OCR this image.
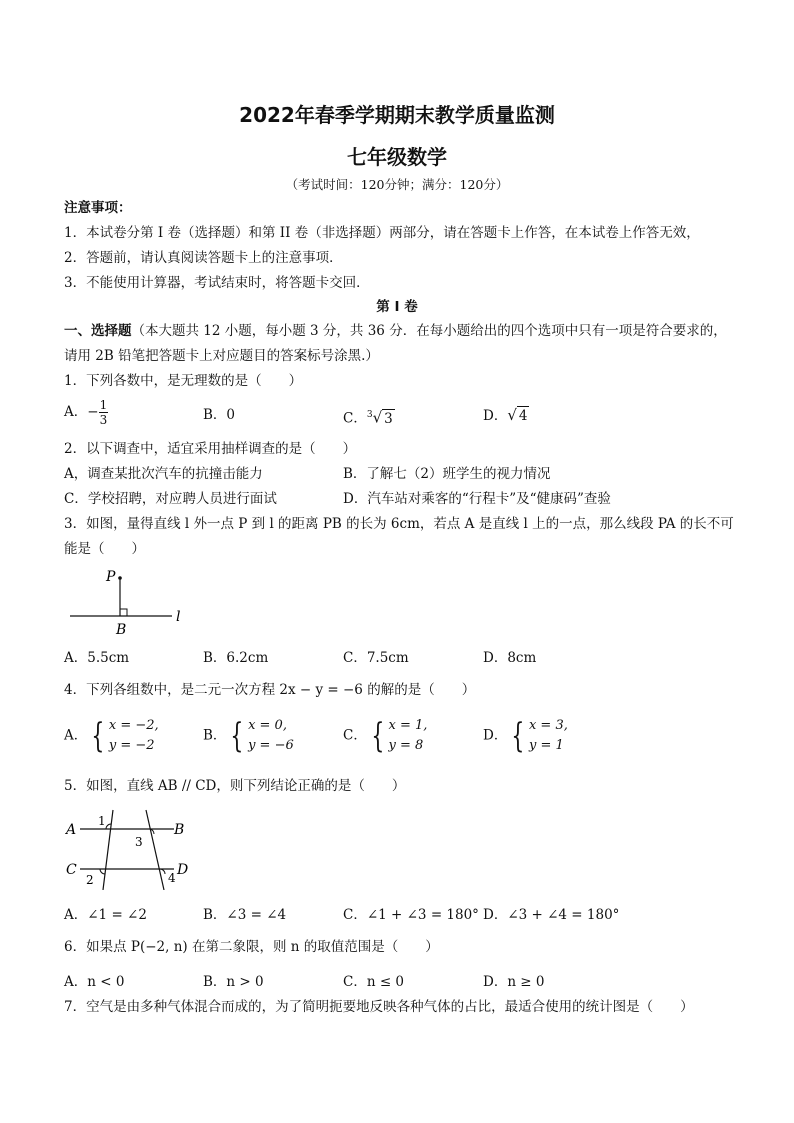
2022年春季学期期末教学质量监测
七年级数学
（考试时间：120分钟；满分：120分）
注意事项：
1．本试卷分第 I 卷（选择题）和第 II 卷（非选择题）两部分，请在答题卡上作答，在本试卷上作答无效，
2．答题前，请认真阅读答题卡上的注意事项．
3．不能使用计算器，考试结束时，将答题卡交回．
第 I 卷
一、选择题（本大题共 12 小题，每小题 3 分，共 36 分．在每小题给出的四个选项中只有一项是符合要求的，
请用 2B 铅笔把答题卡上对应题目的答案标号涂黑.）
1．下列各数中，是无理数的是（　　）
A．− $\frac{1}{3}$	B．0	C．$^3$√ 3	D．√ 4
2．以下调查中，适宜采用抽样调查的是（　　）
A，调查某批次汽车的抗撞击能力	B．了解七（2）班学生的视力情况
C．学校招聘，对应聘人员进行面试	D．汽车站对乘客的“行程卡”及“健康码”查验
3．如图，量得直线 l 外一点 P 到 l 的距离 PB 的长为 6cm，若点 A 是直线 l 上的一点，那么线段 PA 的长不可
能是（　　）
P
B
l
A．5.5cm	B．6.2cm	C．7.5cm	D．8cm
4．下列各组数中，是二元一次方程 2x − y = −6 的解的是（　　）
A． { x = −2,
y = −2
B． { x = 0,
y = −6
C． { x = 1,
y = 8
D． { x = 3,
y = 1
5．如图，直线 AB // CD，则下列结论正确的是（　　）
A	B
C	D
1
3
2	4
A．∠1 = ∠2	B．∠3 = ∠4	C．∠1 + ∠3 = 180° D．∠3 + ∠4 = 180°
6．如果点 P(−2, n) 在第二象限，则 n 的取值范围是（　　）
A．n < 0	B．n > 0	C．n ≤ 0	D．n ≥ 0
7．空气是由多种气体混合而成的，为了简明扼要地反映各种气体的占比，最适合使用的统计图是（　　）
